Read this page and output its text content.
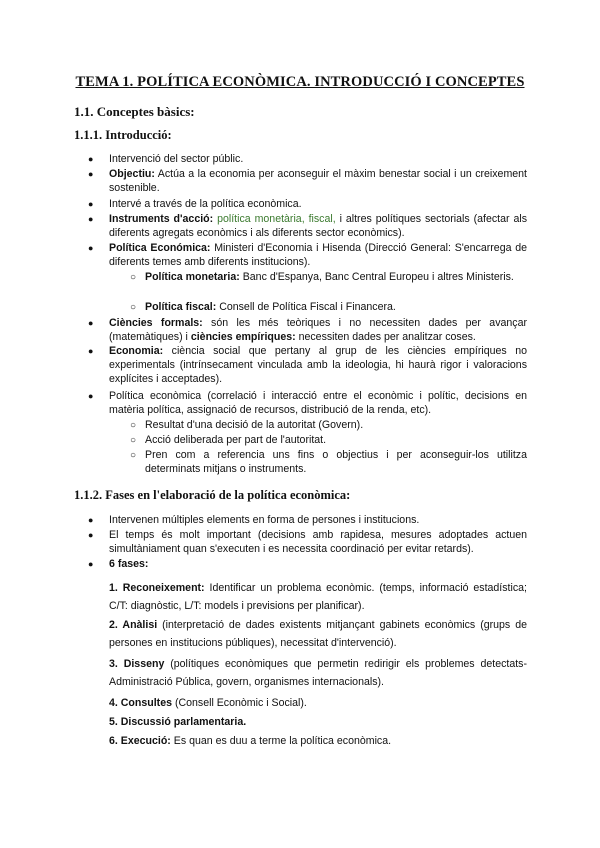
TEMA 1. POLÍTICA ECONÒMICA. INTRODUCCIÓ I CONCEPTES
1.1. Conceptes bàsics:
1.1.1. Introducció:
●	Intervenció del sector públic.
●	Objectiu: Actúa a la economia per aconseguir el màxim benestar social i un creixement sostenible.
●	Intervé a través de la política econòmica.
●	Instruments d'acció: política monetària, fiscal, i altres polítiques sectorials (afectar als diferents agregats econòmics i als diferents sector econòmics).
●	Política Económica: Ministeri d'Economia i Hisenda (Direcció General: S'encarrega de diferents temes amb diferents institucions).
○ Política monetaria: Banc d'Espanya, Banc Central Europeu i altres Ministeris.
○ Política fiscal: Consell de Política Fiscal i Financera.
●	Ciències formals: són les més teòriques i no necessiten dades per avançar (matemàtiques) i ciències empíriques: necessiten dades per analitzar coses.
●	Economia: ciència social que pertany al grup de les ciències empíriques no experimentals (intrínsecament vinculada amb la ideologia, hi haurà rigor i valoracions explícites i acceptades).
●	Política econòmica (correlació i interacció entre el econòmic i polític, decisions en matèria política, assignació de recursos, distribució de la renda, etc).
○ Resultat d'una decisió de la autoritat (Govern).
○ Acció deliberada per part de l'autoritat.
○ Pren com a referencia uns fins o objectius i per aconseguir-los utilitza determinats mitjans o instruments.
1.1.2. Fases en l'elaboració de la política econòmica:
●	Intervenen múltiples elements en forma de persones i institucions.
●	El temps és molt important (decisions amb rapidesa, mesures adoptades actuen simultàniament quan s'executen i es necessita coordinació per evitar retards).
●	6 fases:
1. Reconeixement: Identificar un problema econòmic. (temps, informació estadística; C/T: diagnòstic, L/T: models i previsions per planificar).
2. Anàlisi (interpretació de dades existents mitjançant gabinets econòmics (grups de persones en institucions públiques), necessitat d'intervenció).
3. Disseny (polítiques econòmiques que permetin redirigir els problemes detectats-Administració Pública, govern, organismes internacionals).
4. Consultes (Consell Econòmic i Social).
5. Discussió parlamentaria.
6. Execució: Es quan es duu a terme la política econòmica.
